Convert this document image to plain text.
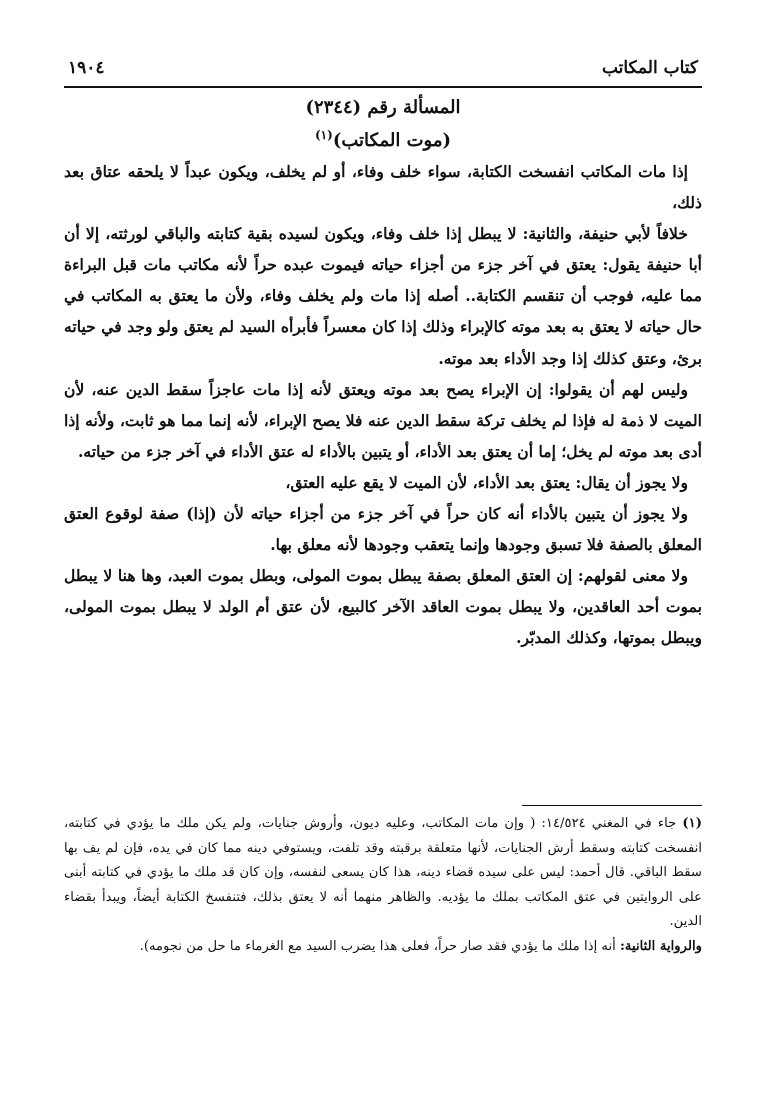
كتاب المكاتب
١٩٠٤
المسألة رقم (٢٣٤٤)
(موت المكاتب)$^{(١)}$

إذا مات المكاتب انفسخت الكتابة، سواء خلف وفاء، أو لم يخلف، ويكون عبداً لا يلحقه عتاق بعد ذلك،

خلافاً لأبي حنيفة، والثانية: لا يبطل إذا خلف وفاء، ويكون لسيده بقية كتابته والباقي لورثته، إلا أن أبا حنيفة يقول: يعتق في آخر جزء من أجزاء حياته فيموت عبده حراً لأنه مكاتب مات قبل البراءة مما عليه، فوجب أن تنقسم الكتابة.. أصله إذا مات ولم يخلف وفاء، ولأن ما يعتق به المكاتب في حال حياته لا يعتق به بعد موته كالإبراء وذلك إذا كان معسراً فأبرأه السيد لم يعتق ولو وجد في حياته برئ، وعتق كذلك إذا وجد الأداء بعد موته.

وليس لهم أن يقولوا: إن الإبراء يصح بعد موته ويعتق لأنه إذا مات عاجزاً سقط الدين عنه، لأن الميت لا ذمة له فإذا لم يخلف تركة سقط الدين عنه فلا يصح الإبراء، لأنه إنما مما هو ثابت، ولأنه إذا أدى بعد موته لم يخل؛ إما أن يعتق بعد الأداء، أو يتبين بالأداء له عتق الأداء في آخر جزء من حياته.

ولا يجوز أن يقال: يعتق بعد الأداء، لأن الميت لا يقع عليه العتق،

ولا يجوز أن يتبين بالأداء أنه كان حراً في آخر جزء من أجزاء حياته لأن (إذا) صفة لوقوع العتق المعلق بالصفة فلا تسبق وجودها وإنما يتعقب وجودها لأنه معلق بها.

ولا معنى لقولهم: إن العتق المعلق بصفة يبطل بموت المولى، وبطل بموت العبد، وها هنا لا يبطل بموت أحد العاقدين، ولا يبطل بموت العاقد الآخر كالبيع، لأن عتق أم الولد لا يبطل بموت المولى، ويبطل بموتها، وكذلك المدبّر.

(١) جاء في المغني ١٤/٥٢٤: ( وإن مات المكاتب، وعليه ديون، وأروش جنايات، ولم يكن ملك ما يؤدي في كتابته، انفسخت كتابته وسقط أرش الجنايات، لأنها متعلقة برقبته وقد تلفت، ويستوفي دينه مما كان في يده، فإن لم يف بها سقط الباقي. قال أحمد: ليس على سيده قضاء دينه، هذا كان يسعى لنفسه، وإن كان قد ملك ما يؤدي في كتابته أبنى على الروايتين في عتق المكاتب بملك ما يؤديه. والظاهر منهما أنه لا يعتق بذلك، فتنفسخ الكتابة أيضاً، ويبدأ بقضاء الدين.

والرواية الثانية: أنه إذا ملك ما يؤدي فقد صار حراً، فعلى هذا يضرب السيد مع الغرماء ما حل من نجومه).
